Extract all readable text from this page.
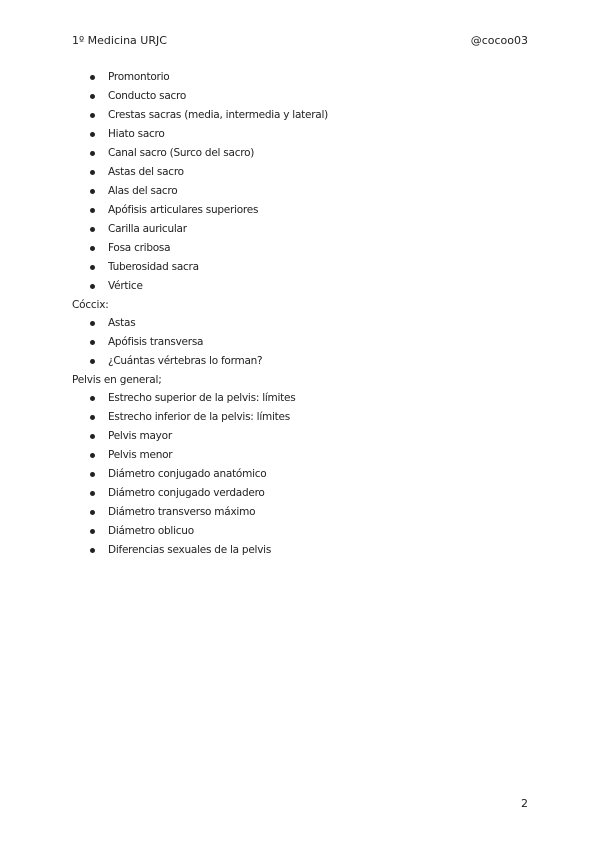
1º Medicina URJC	@cocoo03
Promontorio
Conducto sacro
Crestas sacras (media, intermedia y lateral)
Hiato sacro
Canal sacro (Surco del sacro)
Astas del sacro
Alas del sacro
Apófisis articulares superiores
Carilla auricular
Fosa cribosa
Tuberosidad sacra
Vértice
Cóccix:
Astas
Apófisis transversa
¿Cuántas vértebras lo forman?
Pelvis en general;
Estrecho superior de la pelvis: límites
Estrecho inferior de la pelvis: límites
Pelvis mayor
Pelvis menor
Diámetro conjugado anatómico
Diámetro conjugado verdadero
Diámetro transverso máximo
Diámetro oblicuo
Diferencias sexuales de la pelvis
2
